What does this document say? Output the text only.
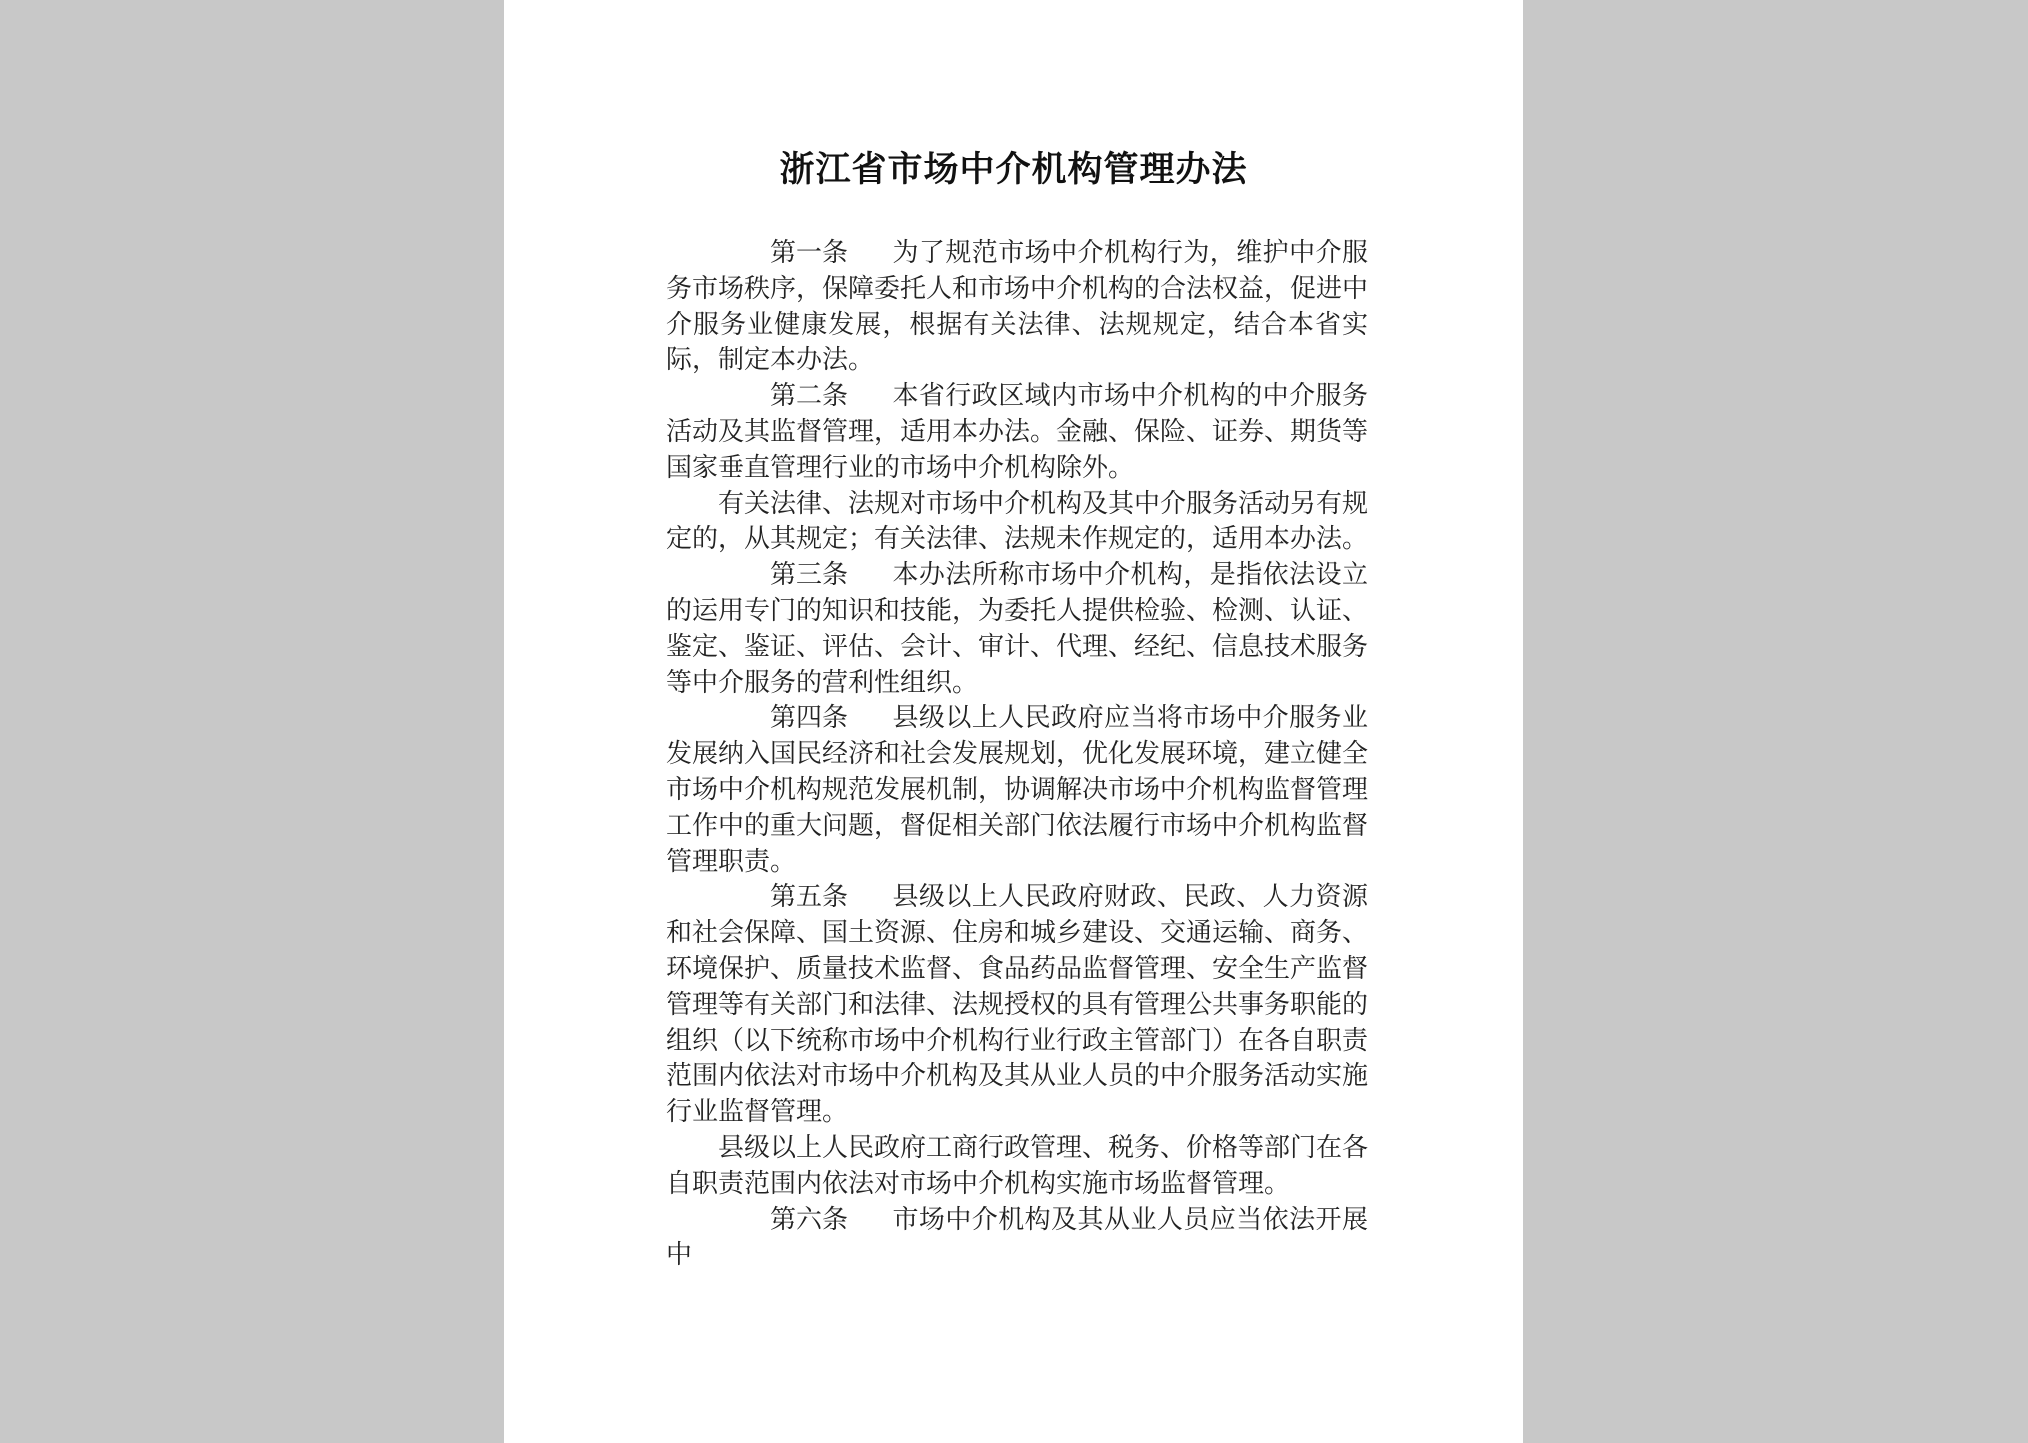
浙江省市场中介机构管理办法

第一条 为了规范市场中介机构行为，维护中介服务市场秩序，保障委托人和市场中介机构的合法权益，促进中介服务业健康发展，根据有关法律、法规规定，结合本省实际，制定本办法。

第二条 本省行政区域内市场中介机构的中介服务活动及其监督管理，适用本办法。金融、保险、证券、期货等国家垂直管理行业的市场中介机构除外。

有关法律、法规对市场中介机构及其中介服务活动另有规定的，从其规定；有关法律、法规未作规定的，适用本办法。

第三条 本办法所称市场中介机构，是指依法设立的运用专门的知识和技能，为委托人提供检验、检测、认证、鉴定、鉴证、评估、会计、审计、代理、经纪、信息技术服务等中介服务的营利性组织。

第四条 县级以上人民政府应当将市场中介服务业发展纳入国民经济和社会发展规划，优化发展环境，建立健全市场中介机构规范发展机制，协调解决市场中介机构监督管理工作中的重大问题，督促相关部门依法履行市场中介机构监督管理职责。

第五条 县级以上人民政府财政、民政、人力资源和社会保障、国土资源、住房和城乡建设、交通运输、商务、环境保护、质量技术监督、食品药品监督管理、安全生产监督管理等有关部门和法律、法规授权的具有管理公共事务职能的组织（以下统称市场中介机构行业行政主管部门）在各自职责范围内依法对市场中介机构及其从业人员的中介服务活动实施行业监督管理。

县级以上人民政府工商行政管理、税务、价格等部门在各自职责范围内依法对市场中介机构实施市场监督管理。

第六条 市场中介机构及其从业人员应当依法开展中
